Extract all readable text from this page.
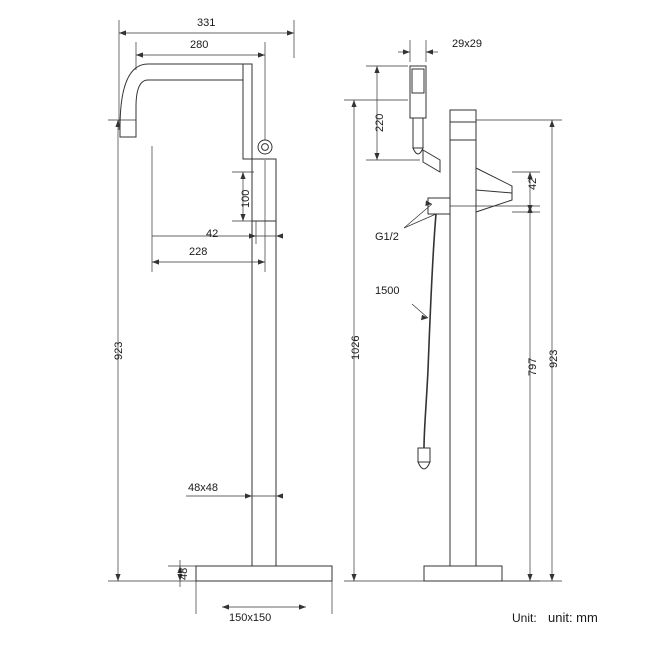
331
280
100
42
228
923
48x48
48
150x150
29x29
220
42
G1/2
1500
1026	923
797
Unit: unit: mm
